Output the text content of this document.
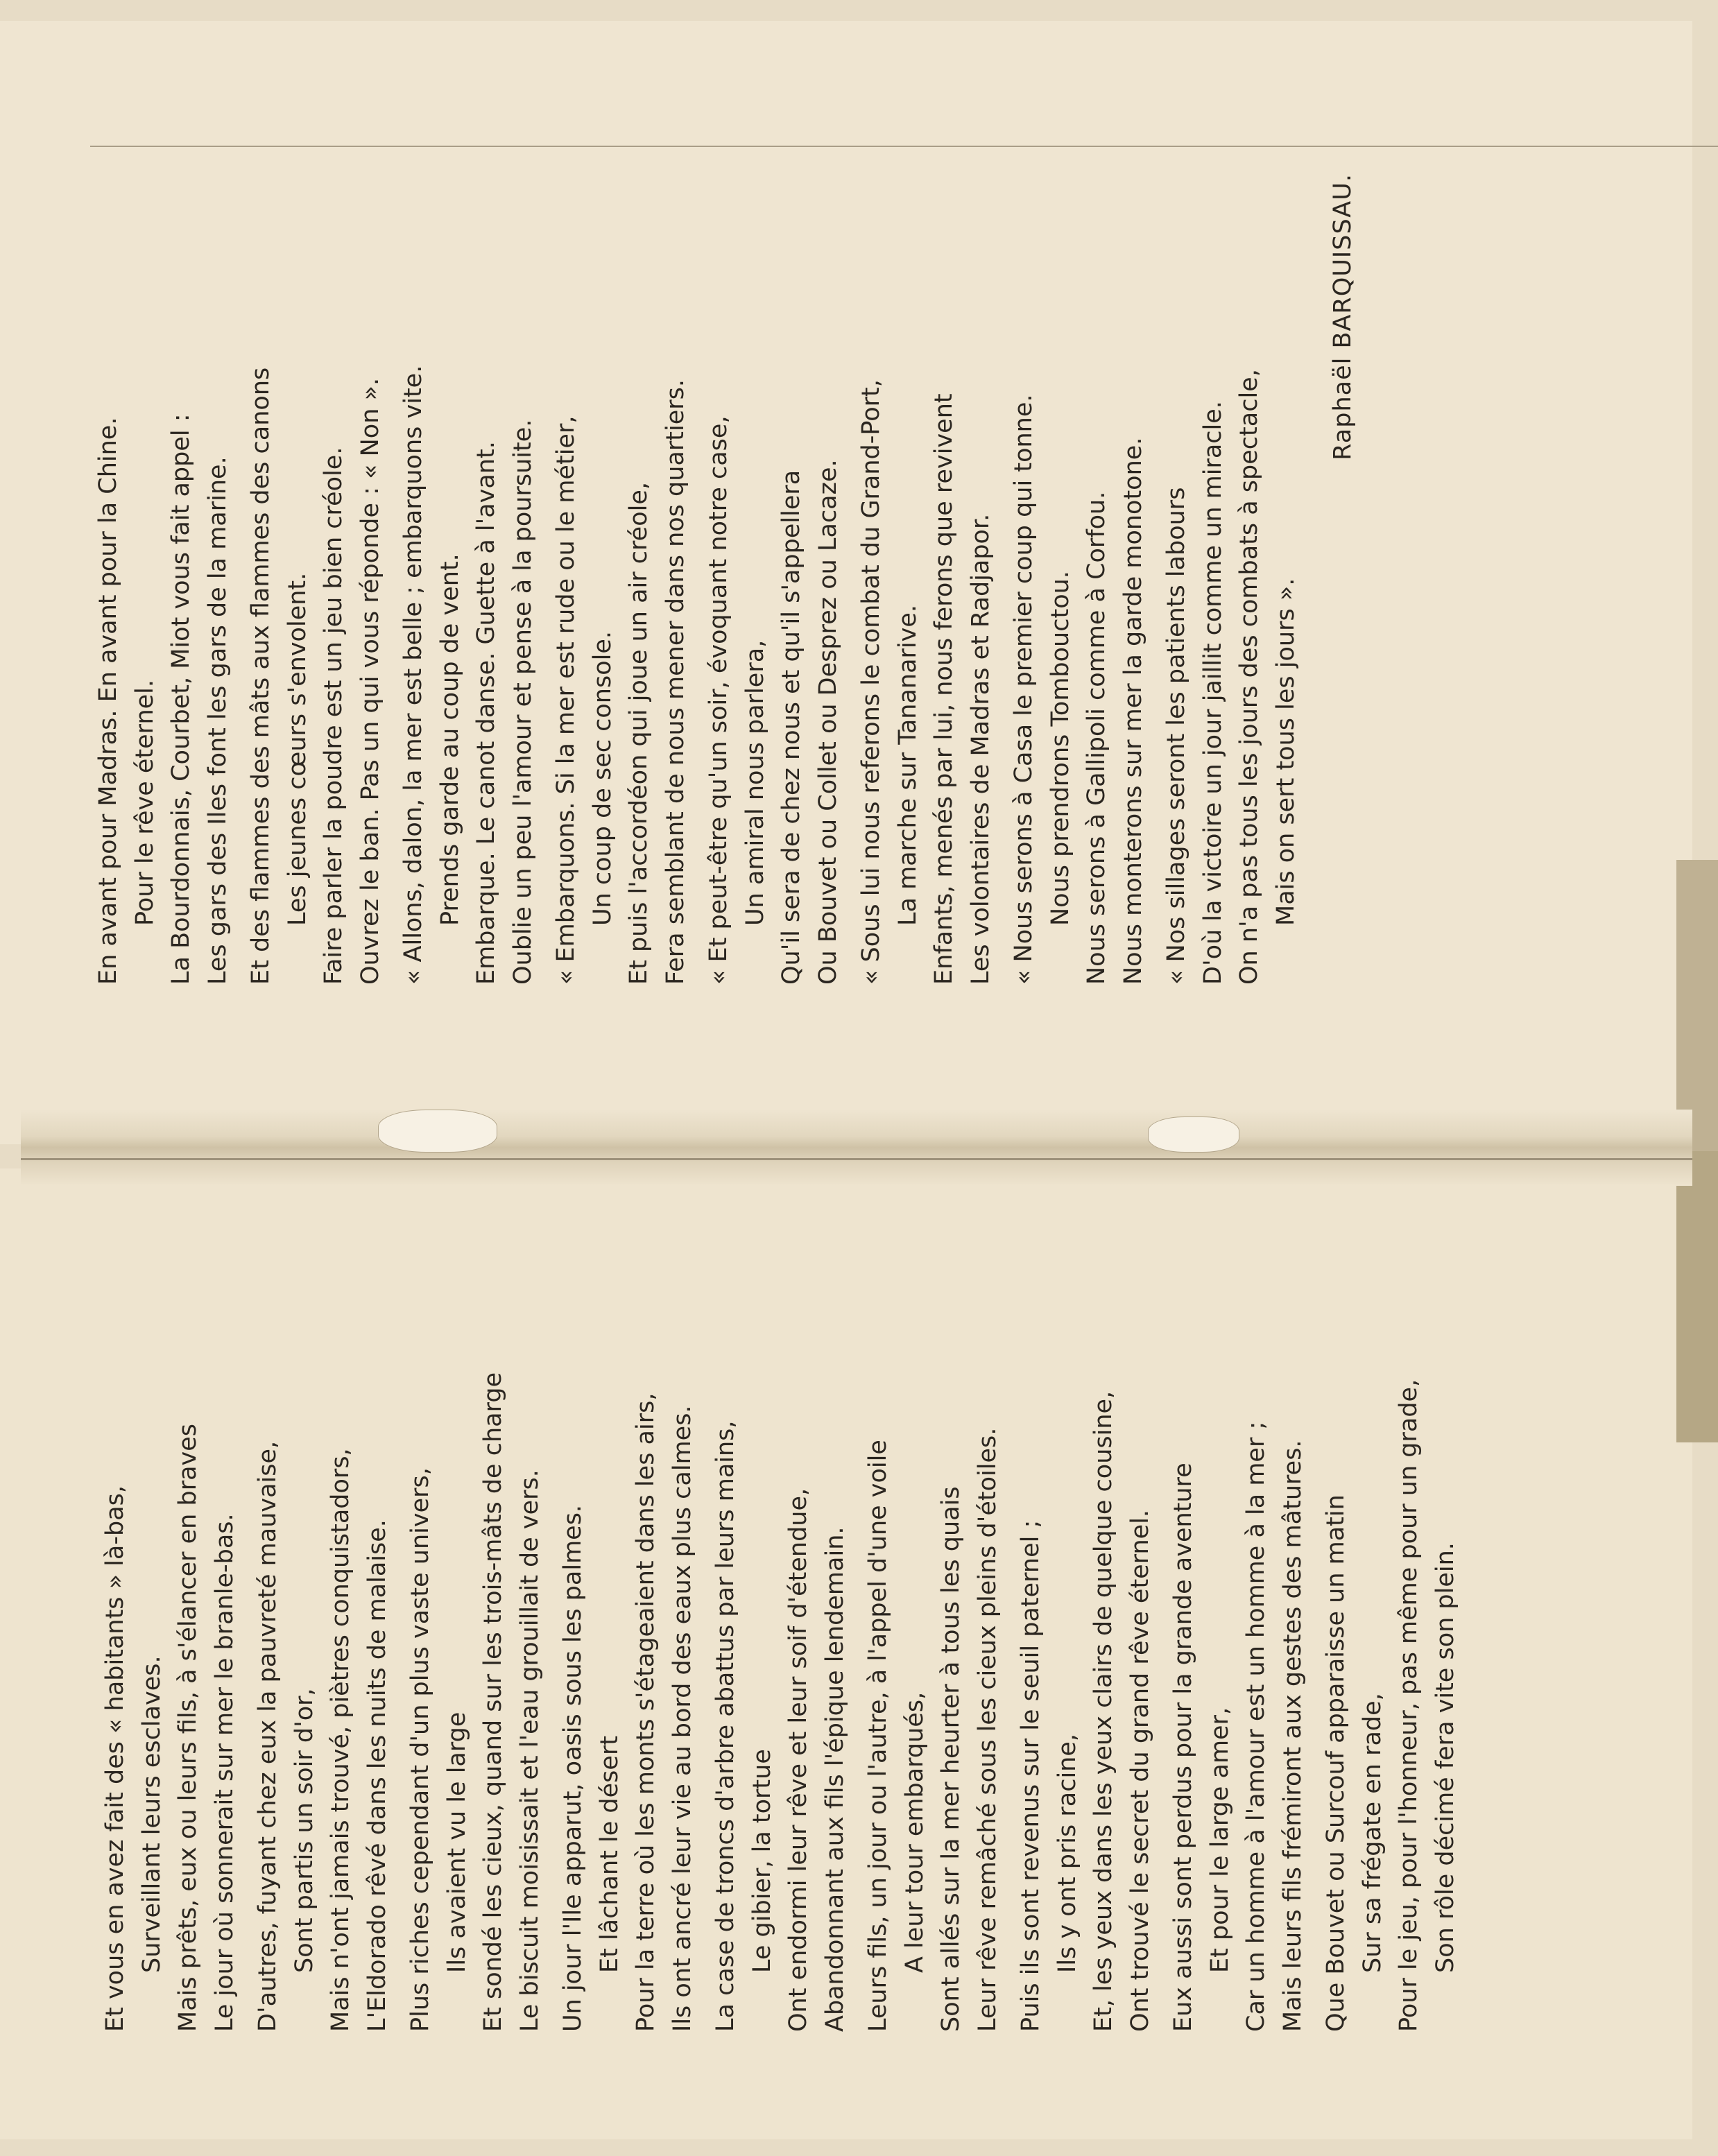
En avant pour Madras. En avant pour la Chine. Pour le rêve éternel. La Bourdonnais, Courbet, Miot vous fait appel : Les gars des Iles font les gars de la marine. Et des flammes des mâts aux flammes des canons Les jeunes cœurs s'envolent. Faire parler la poudre est un jeu bien créole. Ouvrez le ban. Pas un qui vous réponde : « Non ». « Allons, dalon, la mer est belle ; embarquons vite. Prends garde au coup de vent. Embarque. Le canot danse. Guette à l'avant. Oublie un peu l'amour et pense à la poursuite. « Embarquons. Si la mer est rude ou le métier, Un coup de sec console. Et puis l'accordéon qui joue un air créole, Fera semblant de nous mener dans nos quartiers. « Et peut-être qu'un soir, évoquant notre case, Un amiral nous parlera, Qu'il sera de chez nous et qu'il s'appellera Ou Bouvet ou Collet ou Desprez ou Lacaze. « Sous lui nous referons le combat du Grand-Port, La marche sur Tananarive. Enfants, menés par lui, nous ferons que revivent Les volontaires de Madras et Radjapor. « Nous serons à Casa le premier coup qui tonne. Nous prendrons Tombouctou. Nous serons à Gallipoli comme à Corfou. Nous monterons sur mer la garde monotone. « Nos sillages seront les patients labours D'où la victoire un jour jaillit comme un miracle. On n'a pas tous les jours des combats à spectacle, Mais on sert tous les jours ».
Raphaël BARQUISSAU.
Et vous en avez fait des « habitants » là-bas, Surveillant leurs esclaves. Mais prêts, eux ou leurs fils, à s'élancer en braves Le jour où sonnerait sur mer le branle-bas. D'autres, fuyant chez eux la pauvreté mauvaise, Sont partis un soir d'or, Mais n'ont jamais trouvé, piètres conquistadors, L'Eldorado rêvé dans les nuits de malaise. Plus riches cependant d'un plus vaste univers, Ils avaient vu le large Et sondé les cieux, quand sur les trois-mâts de charge Le biscuit moisissait et l'eau grouillait de vers. Un jour l'Ile apparut, oasis sous les palmes. Et lâchant le désert Pour la terre où les monts s'étageaient dans les airs, Ils ont ancré leur vie au bord des eaux plus calmes. La case de troncs d'arbre abattus par leurs mains, Le gibier, la tortue Ont endormi leur rêve et leur soif d'étendue, Abandonnant aux fils l'épique lendemain. Leurs fils, un jour ou l'autre, à l'appel d'une voile A leur tour embarqués, Sont allés sur la mer heurter à tous les quais Leur rêve remâché sous les cieux pleins d'étoiles. Puis ils sont revenus sur le seuil paternel ; Ils y ont pris racine, Et, les yeux dans les yeux clairs de quelque cousine, Ont trouvé le secret du grand rêve éternel. Eux aussi sont perdus pour la grande aventure Et pour le large amer, Car un homme à l'amour est un homme à la mer ; Mais leurs fils frémiront aux gestes des mâtures. Que Bouvet ou Surcouf apparaisse un matin Sur sa frégate en rade, Pour le jeu, pour l'honneur, pas même pour un grade, Son rôle décimé fera vite son plein.
